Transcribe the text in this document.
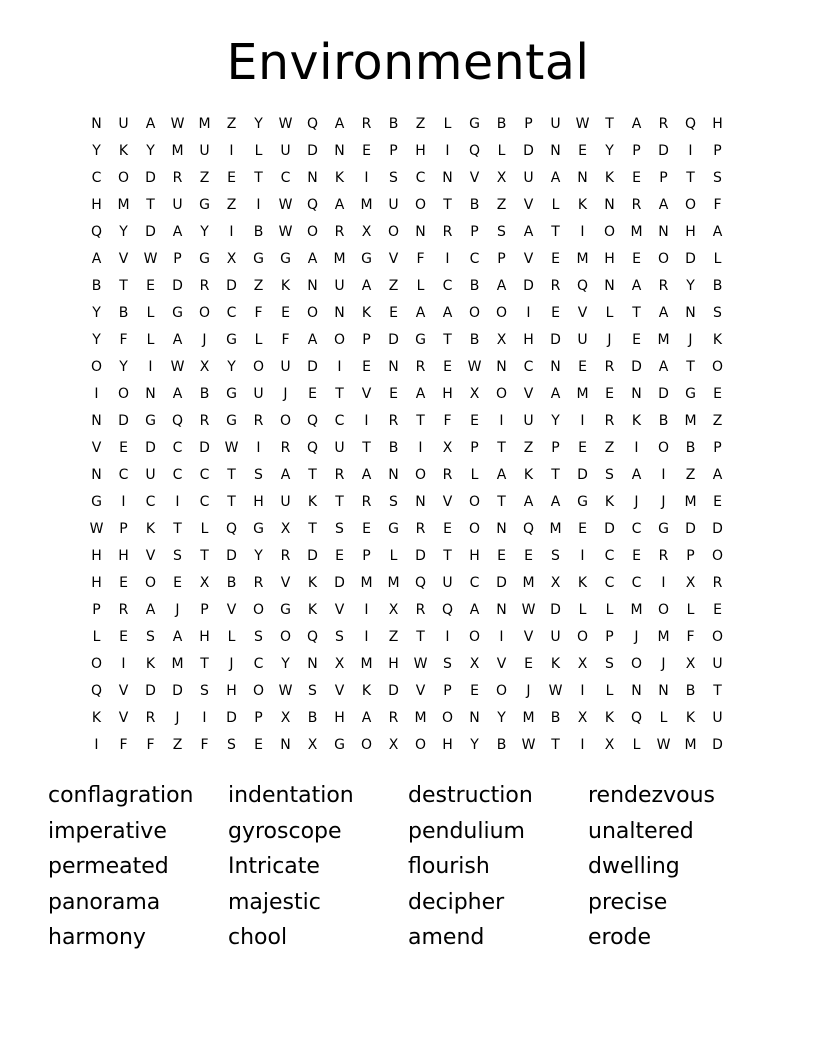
Environmental
N	U	A	W	M	Z	Y	W	Q	A	R	B	Z	L	G	B	P	U	W	T	A	R	Q	H
Y	K	Y	M	U	I	L	U	D	N	E	P	H	I	Q	L	D	N	E	Y	P	D	I	P
C	O	D	R	Z	E	T	C	N	K	I	S	C	N	V	X	U	A	N	K	E	P	T	S
H	M	T	U	G	Z	I	W	Q	A	M	U	O	T	B	Z	V	L	K	N	R	A	O	F
Q	Y	D	A	Y	I	B	W	O	R	X	O	N	R	P	S	A	T	I	O	M	N	H	A
A	V	W	P	G	X	G	G	A	M	G	V	F	I	C	P	V	E	M	H	E	O	D	L
B	T	E	D	R	D	Z	K	N	U	A	Z	L	C	B	A	D	R	Q	N	A	R	Y	B
Y	B	L	G	O	C	F	E	O	N	K	E	A	A	O	O	I	E	V	L	T	A	N	S
Y	F	L	A	J	G	L	F	A	O	P	D	G	T	B	X	H	D	U	J	E	M	J	K
O	Y	I	W	X	Y	O	U	D	I	E	N	R	E	W	N	C	N	E	R	D	A	T	O
I	O	N	A	B	G	U	J	E	T	V	E	A	H	X	O	V	A	M	E	N	D	G	E
N	D	G	Q	R	G	R	O	Q	C	I	R	T	F	E	I	U	Y	I	R	K	B	M	Z
V	E	D	C	D	W	I	R	Q	U	T	B	I	X	P	T	Z	P	E	Z	I	O	B	P
N	C	U	C	C	T	S	A	T	R	A	N	O	R	L	A	K	T	D	S	A	I	Z	A
G	I	C	I	C	T	H	U	K	T	R	S	N	V	O	T	A	A	G	K	J	J	M	E
W	P	K	T	L	Q	G	X	T	S	E	G	R	E	O	N	Q	M	E	D	C	G	D	D
H	H	V	S	T	D	Y	R	D	E	P	L	D	T	H	E	E	S	I	C	E	R	P	O
H	E	O	E	X	B	R	V	K	D	M	M	Q	U	C	D	M	X	K	C	C	I	X	R
P	R	A	J	P	V	O	G	K	V	I	X	R	Q	A	N	W	D	L	L	M	O	L	E
L	E	S	A	H	L	S	O	Q	S	I	Z	T	I	O	I	V	U	O	P	J	M	F	O
O	I	K	M	T	J	C	Y	N	X	M	H	W	S	X	V	E	K	X	S	O	J	X	U
Q	V	D	D	S	H	O	W	S	V	K	D	V	P	E	O	J	W	I	L	N	N	B	T
K	V	R	J	I	D	P	X	B	H	A	R	M	O	N	Y	M	B	X	K	Q	L	K	U
I	F	F	Z	F	S	E	N	X	G	O	X	O	H	Y	B	W	T	I	X	L	W	M	D
conflagration	indentation	destruction	rendezvous
imperative	gyroscope	pendulium	unaltered
permeated	Intricate	flourish	dwelling
panorama	majestic	decipher	precise
harmony	chool	amend	erode
